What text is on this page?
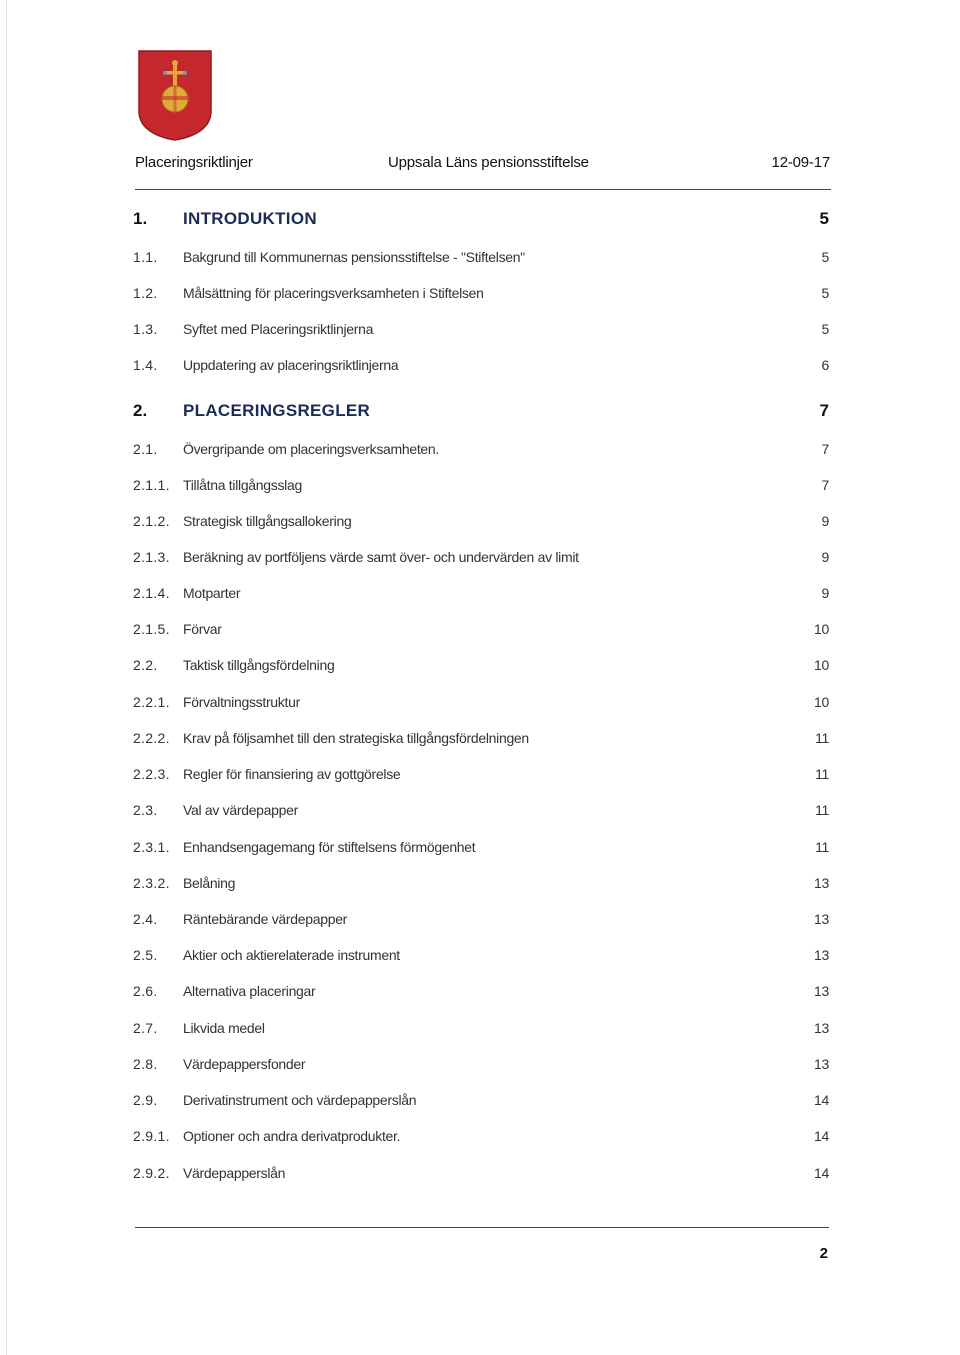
Placeringsriktlinjer	Uppsala Läns pensionsstiftelse	12-09-17
1. INTRODUKTION	5
1.1. Bakgrund till Kommunernas pensionsstiftelse - "Stiftelsen"	5
1.2. Målsättning för placeringsverksamheten i Stiftelsen	5
1.3. Syftet med Placeringsriktlinjerna	5
1.4. Uppdatering av placeringsriktlinjerna	6
2. PLACERINGSREGLER	7
2.1. Övergripande om placeringsverksamheten.	7
2.1.1. Tillåtna tillgångsslag	7
2.1.2. Strategisk tillgångsallokering	9
2.1.3. Beräkning av portföljens värde samt över- och undervärden av limit	9
2.1.4. Motparter	9
2.1.5. Förvar	10
2.2. Taktisk tillgångsfördelning	10
2.2.1. Förvaltningsstruktur	10
2.2.2. Krav på följsamhet till den strategiska tillgångsfördelningen	11
2.2.3. Regler för finansiering av gottgörelse	11
2.3. Val av värdepapper	11
2.3.1. Enhandsengagemang för stiftelsens förmögenhet	11
2.3.2. Belåning	13
2.4. Räntebärande värdepapper	13
2.5. Aktier och aktierelaterade instrument	13
2.6. Alternativa placeringar	13
2.7. Likvida medel	13
2.8. Värdepappersfonder	13
2.9. Derivatinstrument och värdepapperslån	14
2.9.1. Optioner och andra derivatprodukter.	14
2.9.2. Värdepapperslån	14
2
